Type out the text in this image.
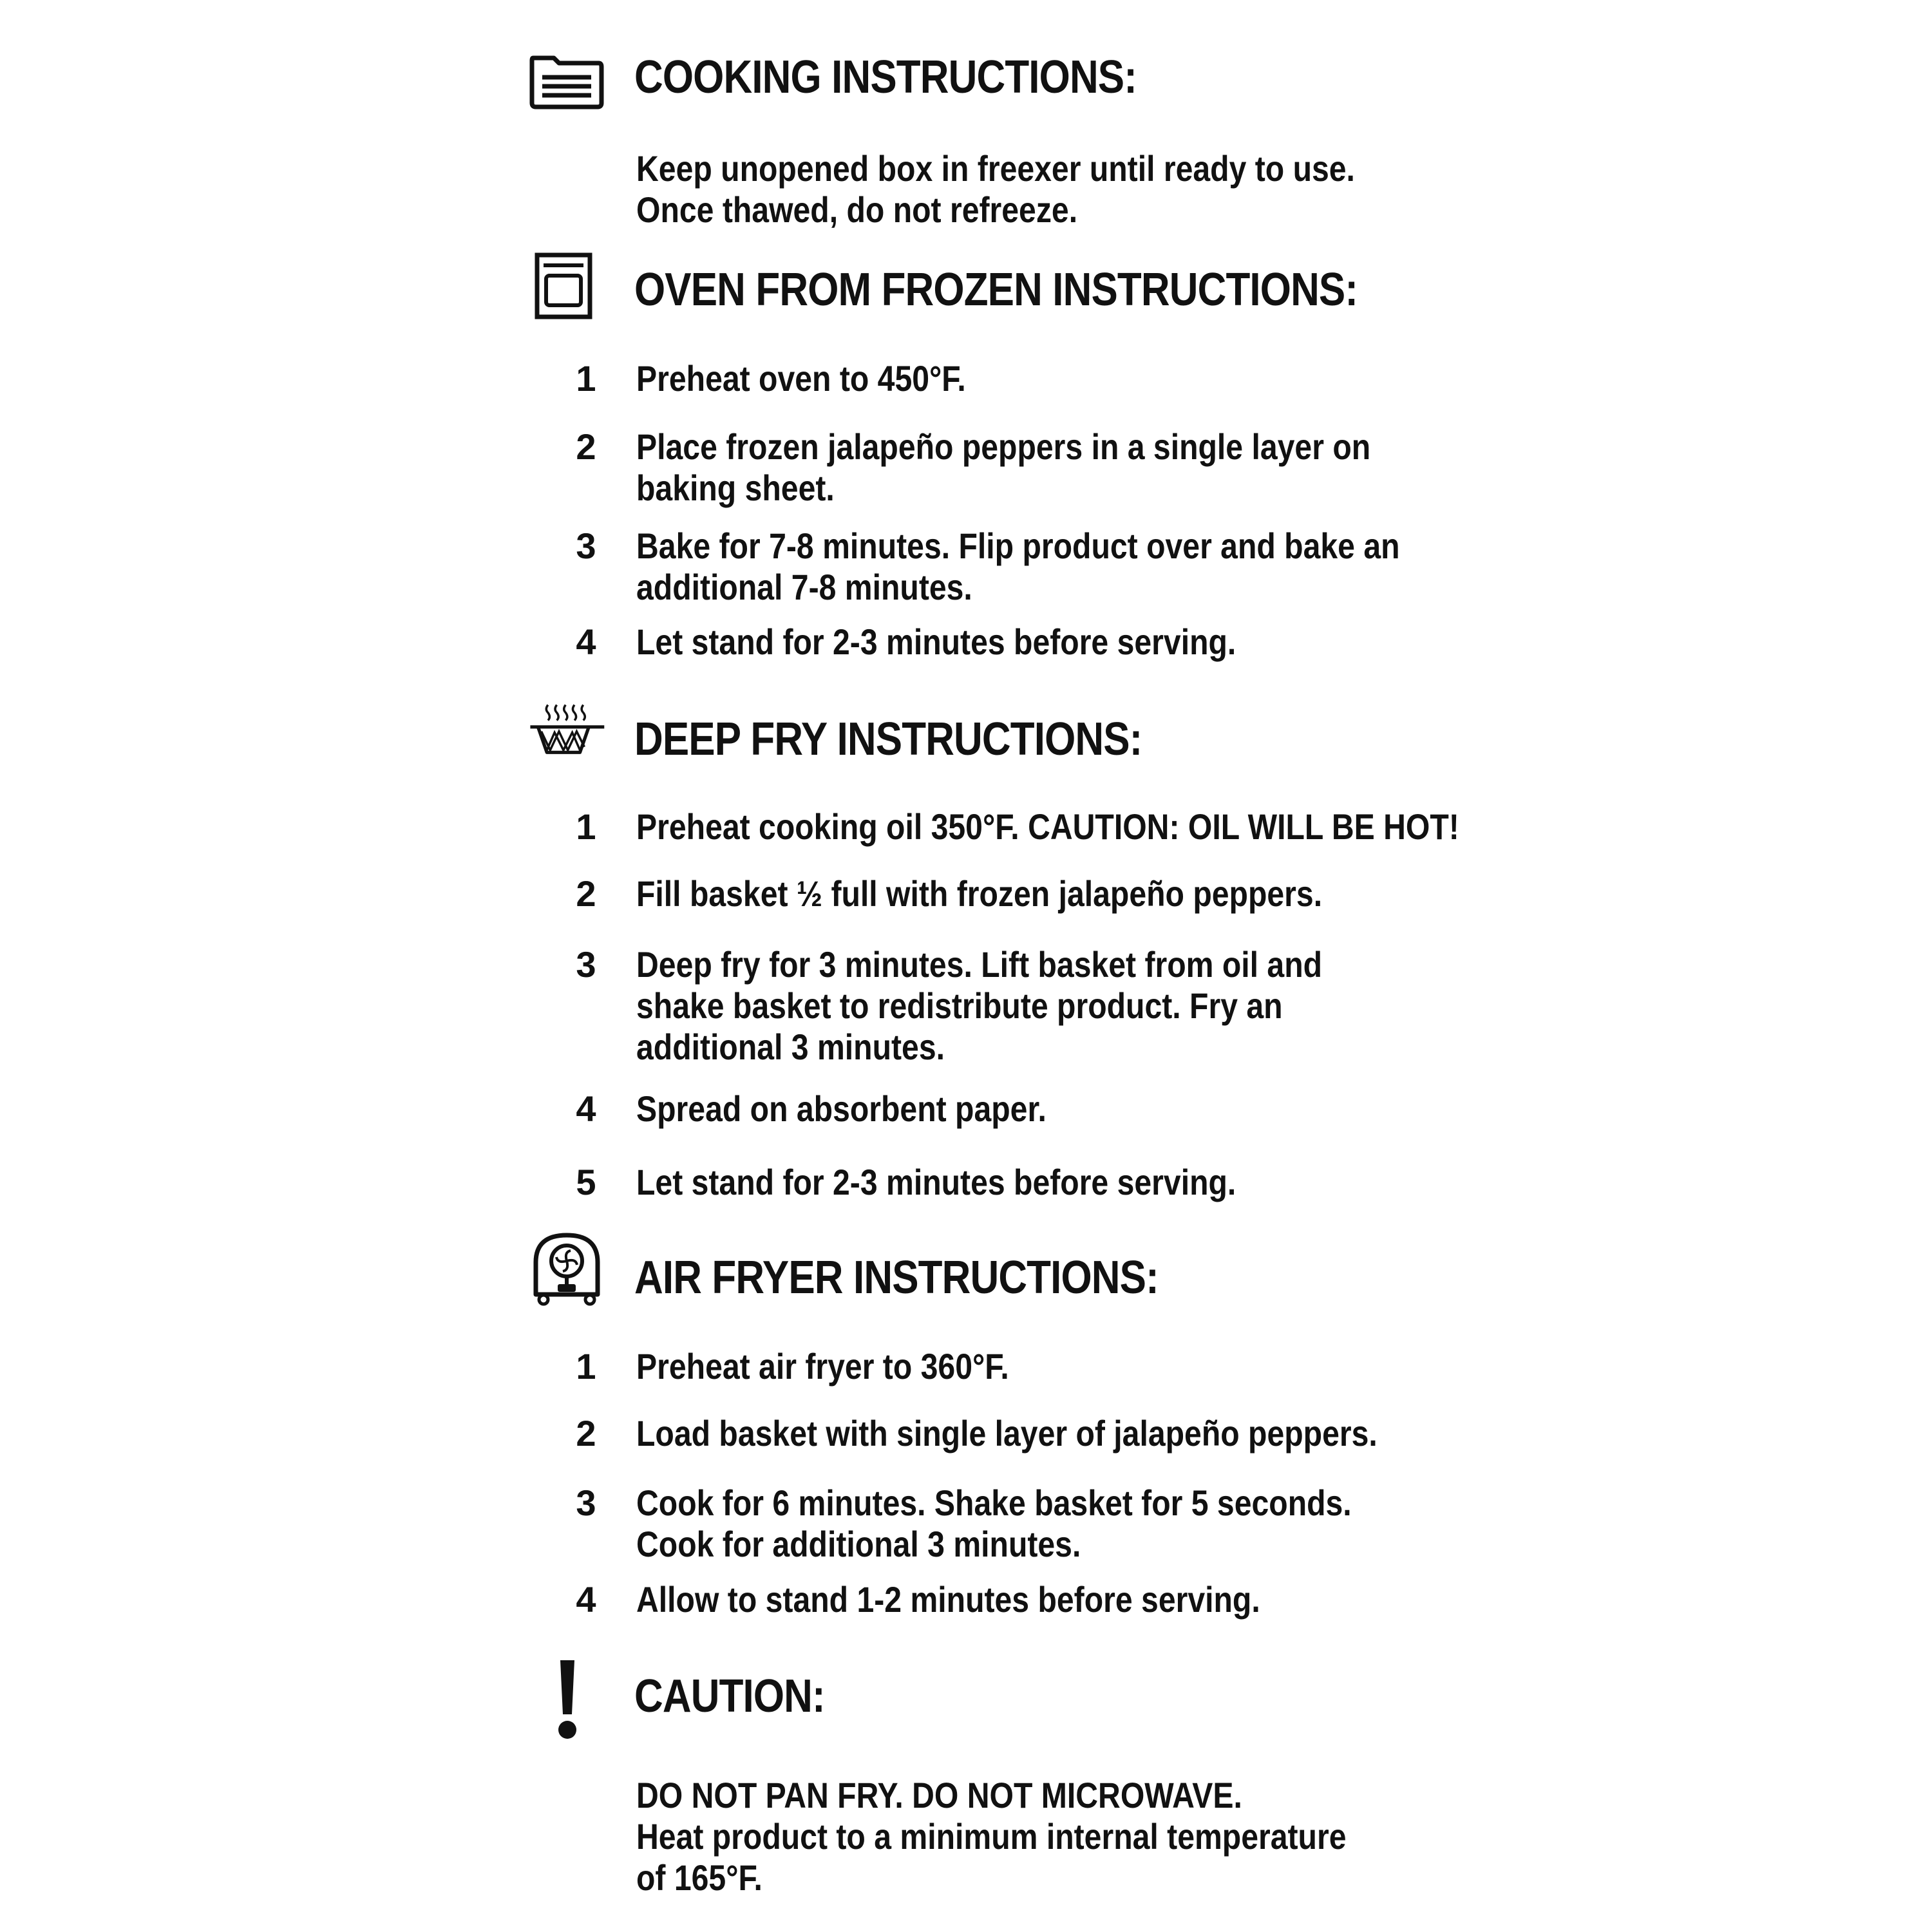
COOKING INSTRUCTIONS:
Keep unopened box in freexer until ready to use.
Once thawed, do not refreeze.
OVEN FROM FROZEN INSTRUCTIONS:
1 Preheat oven to 450°F.
2 Place frozen jalapeño peppers in a single layer on
baking sheet.
3 Bake for 7-8 minutes. Flip product over and bake an
additional 7-8 minutes.
4 Let stand for 2-3 minutes before serving.
DEEP FRY INSTRUCTIONS:
1 Preheat cooking oil 350°F. CAUTION: OIL WILL BE HOT!
2 Fill basket ½ full with frozen jalapeño peppers.
3 Deep fry for 3 minutes. Lift basket from oil and
shake basket to redistribute product. Fry an
additional 3 minutes.
4 Spread on absorbent paper.
5 Let stand for 2-3 minutes before serving.
AIR FRYER INSTRUCTIONS:
1 Preheat air fryer to 360°F.
2 Load basket with single layer of jalapeño peppers.
3 Cook for 6 minutes. Shake basket for 5 seconds.
Cook for additional 3 minutes.
4 Allow to stand 1-2 minutes before serving.
CAUTION:
DO NOT PAN FRY. DO NOT MICROWAVE.
Heat product to a minimum internal temperature
of 165°F.
